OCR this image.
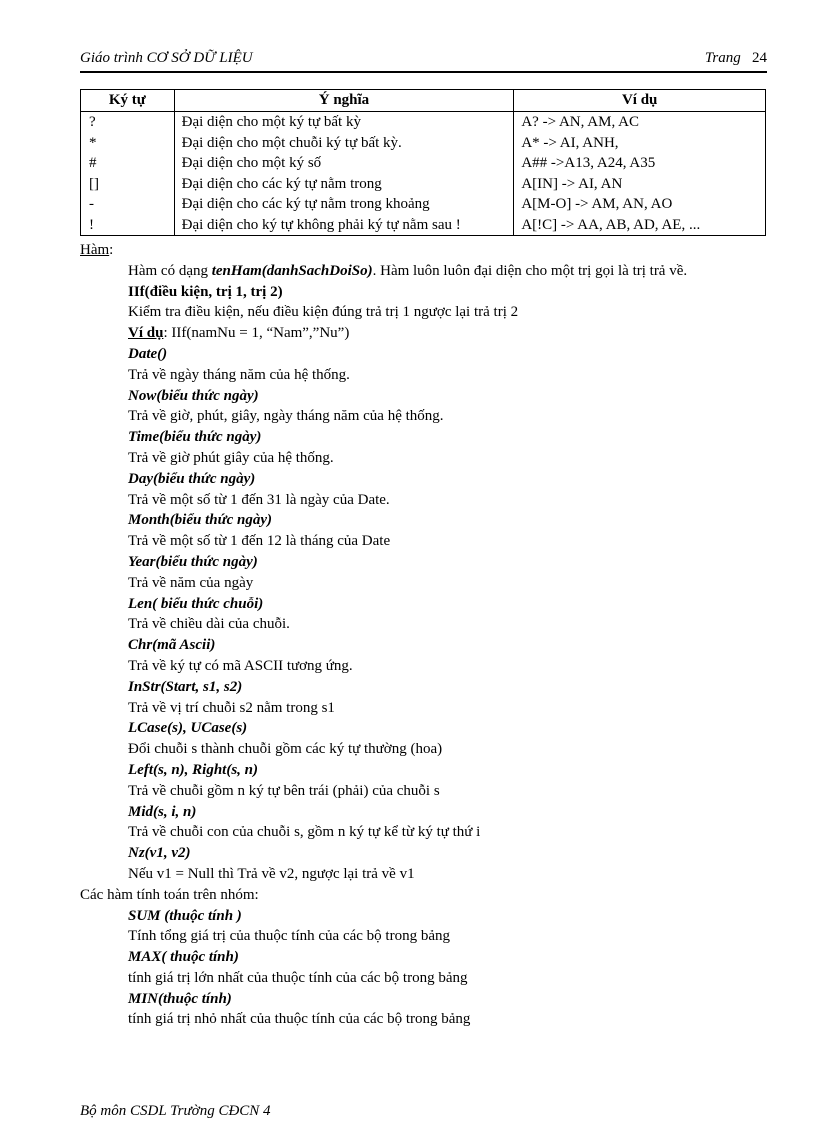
Giáo trình CƠ SỞ DỮ LIỆU	Trang 24
Ký tự	Ý nghĩa	Ví dụ
?	Đại diện cho một ký tự bất kỳ	A? -> AN, AM, AC
*	Đại diện cho một chuỗi ký tự bất kỳ.	A* -> AI, ANH,
#	Đại diện cho một ký số	A## ->A13, A24, A35
[]	Đại diện cho các ký tự nằm trong	A[IN] -> AI, AN
-	Đại diện cho các ký tự nằm trong khoảng	A[M-O] -> AM, AN, AO
!	Đại diện cho ký tự không phải ký tự nằm sau !	A[!C] -> AA, AB, AD, AE, ...
Hàm:
Hàm có dạng tenHam(danhSachDoiSo). Hàm luôn luôn đại diện cho một trị gọi là trị trả về.
IIf(điều kiện, trị 1, trị 2)
Kiểm tra điều kiện, nếu điều kiện đúng trả trị 1 ngược lại trả trị 2
Ví dụ: IIf(namNu = 1, “Nam”,”Nu”)
Date()
Trả về ngày tháng năm của hệ thống.
Now(biểu thức ngày)
Trả về giờ, phút, giây, ngày tháng năm của hệ thống.
Time(biểu thức ngày)
Trả về giờ phút giây của hệ thống.
Day(biểu thức ngày)
Trả về một số từ 1 đến 31 là ngày của Date.
Month(biểu thức ngày)
Trả về một số từ 1 đến 12 là tháng của Date
Year(biểu thức ngày)
Trả về năm của ngày
Len( biểu thức chuỗi)
Trả về chiều dài của chuỗi.
Chr(mã Ascii)
Trả về ký tự có mã ASCII tương ứng.
InStr(Start, s1, s2)
Trả về vị trí chuỗi s2 nằm trong s1
LCase(s), UCase(s)
Đổi chuỗi s thành chuỗi gồm các ký tự thường (hoa)
Left(s, n), Right(s, n)
Trả về chuỗi gồm n ký tự bên trái (phải) của chuỗi s
Mid(s, i, n)
Trả về chuỗi con của chuỗi s, gồm n ký tự kể từ ký tự thứ i
Nz(v1, v2)
Nếu v1 = Null thì Trả về v2, ngược lại trả về v1
Các hàm tính toán trên nhóm:
SUM (thuộc tính )
Tính tổng giá trị của thuộc tính của các bộ trong bảng
MAX( thuộc tính)
tính giá trị lớn nhất của thuộc tính của các bộ trong bảng
MIN(thuộc tính)
tính giá trị nhỏ nhất của thuộc tính của các bộ trong bảng
Bộ môn CSDL Trường CĐCN 4
